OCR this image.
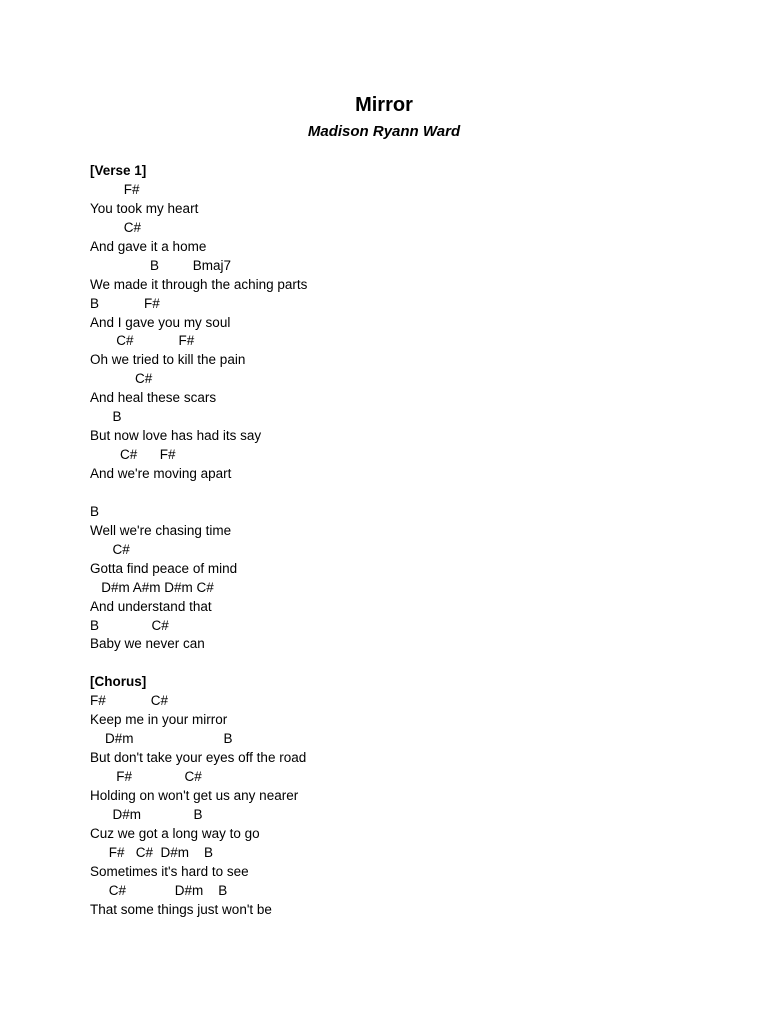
Mirror
Madison Ryann Ward
[Verse 1]
F#
You took my heart
C#
And gave it a home
B         Bmaj7
We made it through the aching parts
B            F#
And I gave you my soul
C#            F#
Oh we tried to kill the pain
C#
And heal these scars
B
But now love has had its say
C#      F#
And we're moving apart
B
Well we're chasing time
C#
Gotta find peace of mind
D#m A#m D#m C#
And understand that
B              C#
Baby we never can
[Chorus]
F#            C#
Keep me in your mirror
D#m                        B
But don't take your eyes off the road
F#              C#
Holding on won't get us any nearer
D#m              B
Cuz we got a long way to go
F#   C#  D#m    B
Sometimes it's hard to see
C#             D#m    B
That some things just won't be
